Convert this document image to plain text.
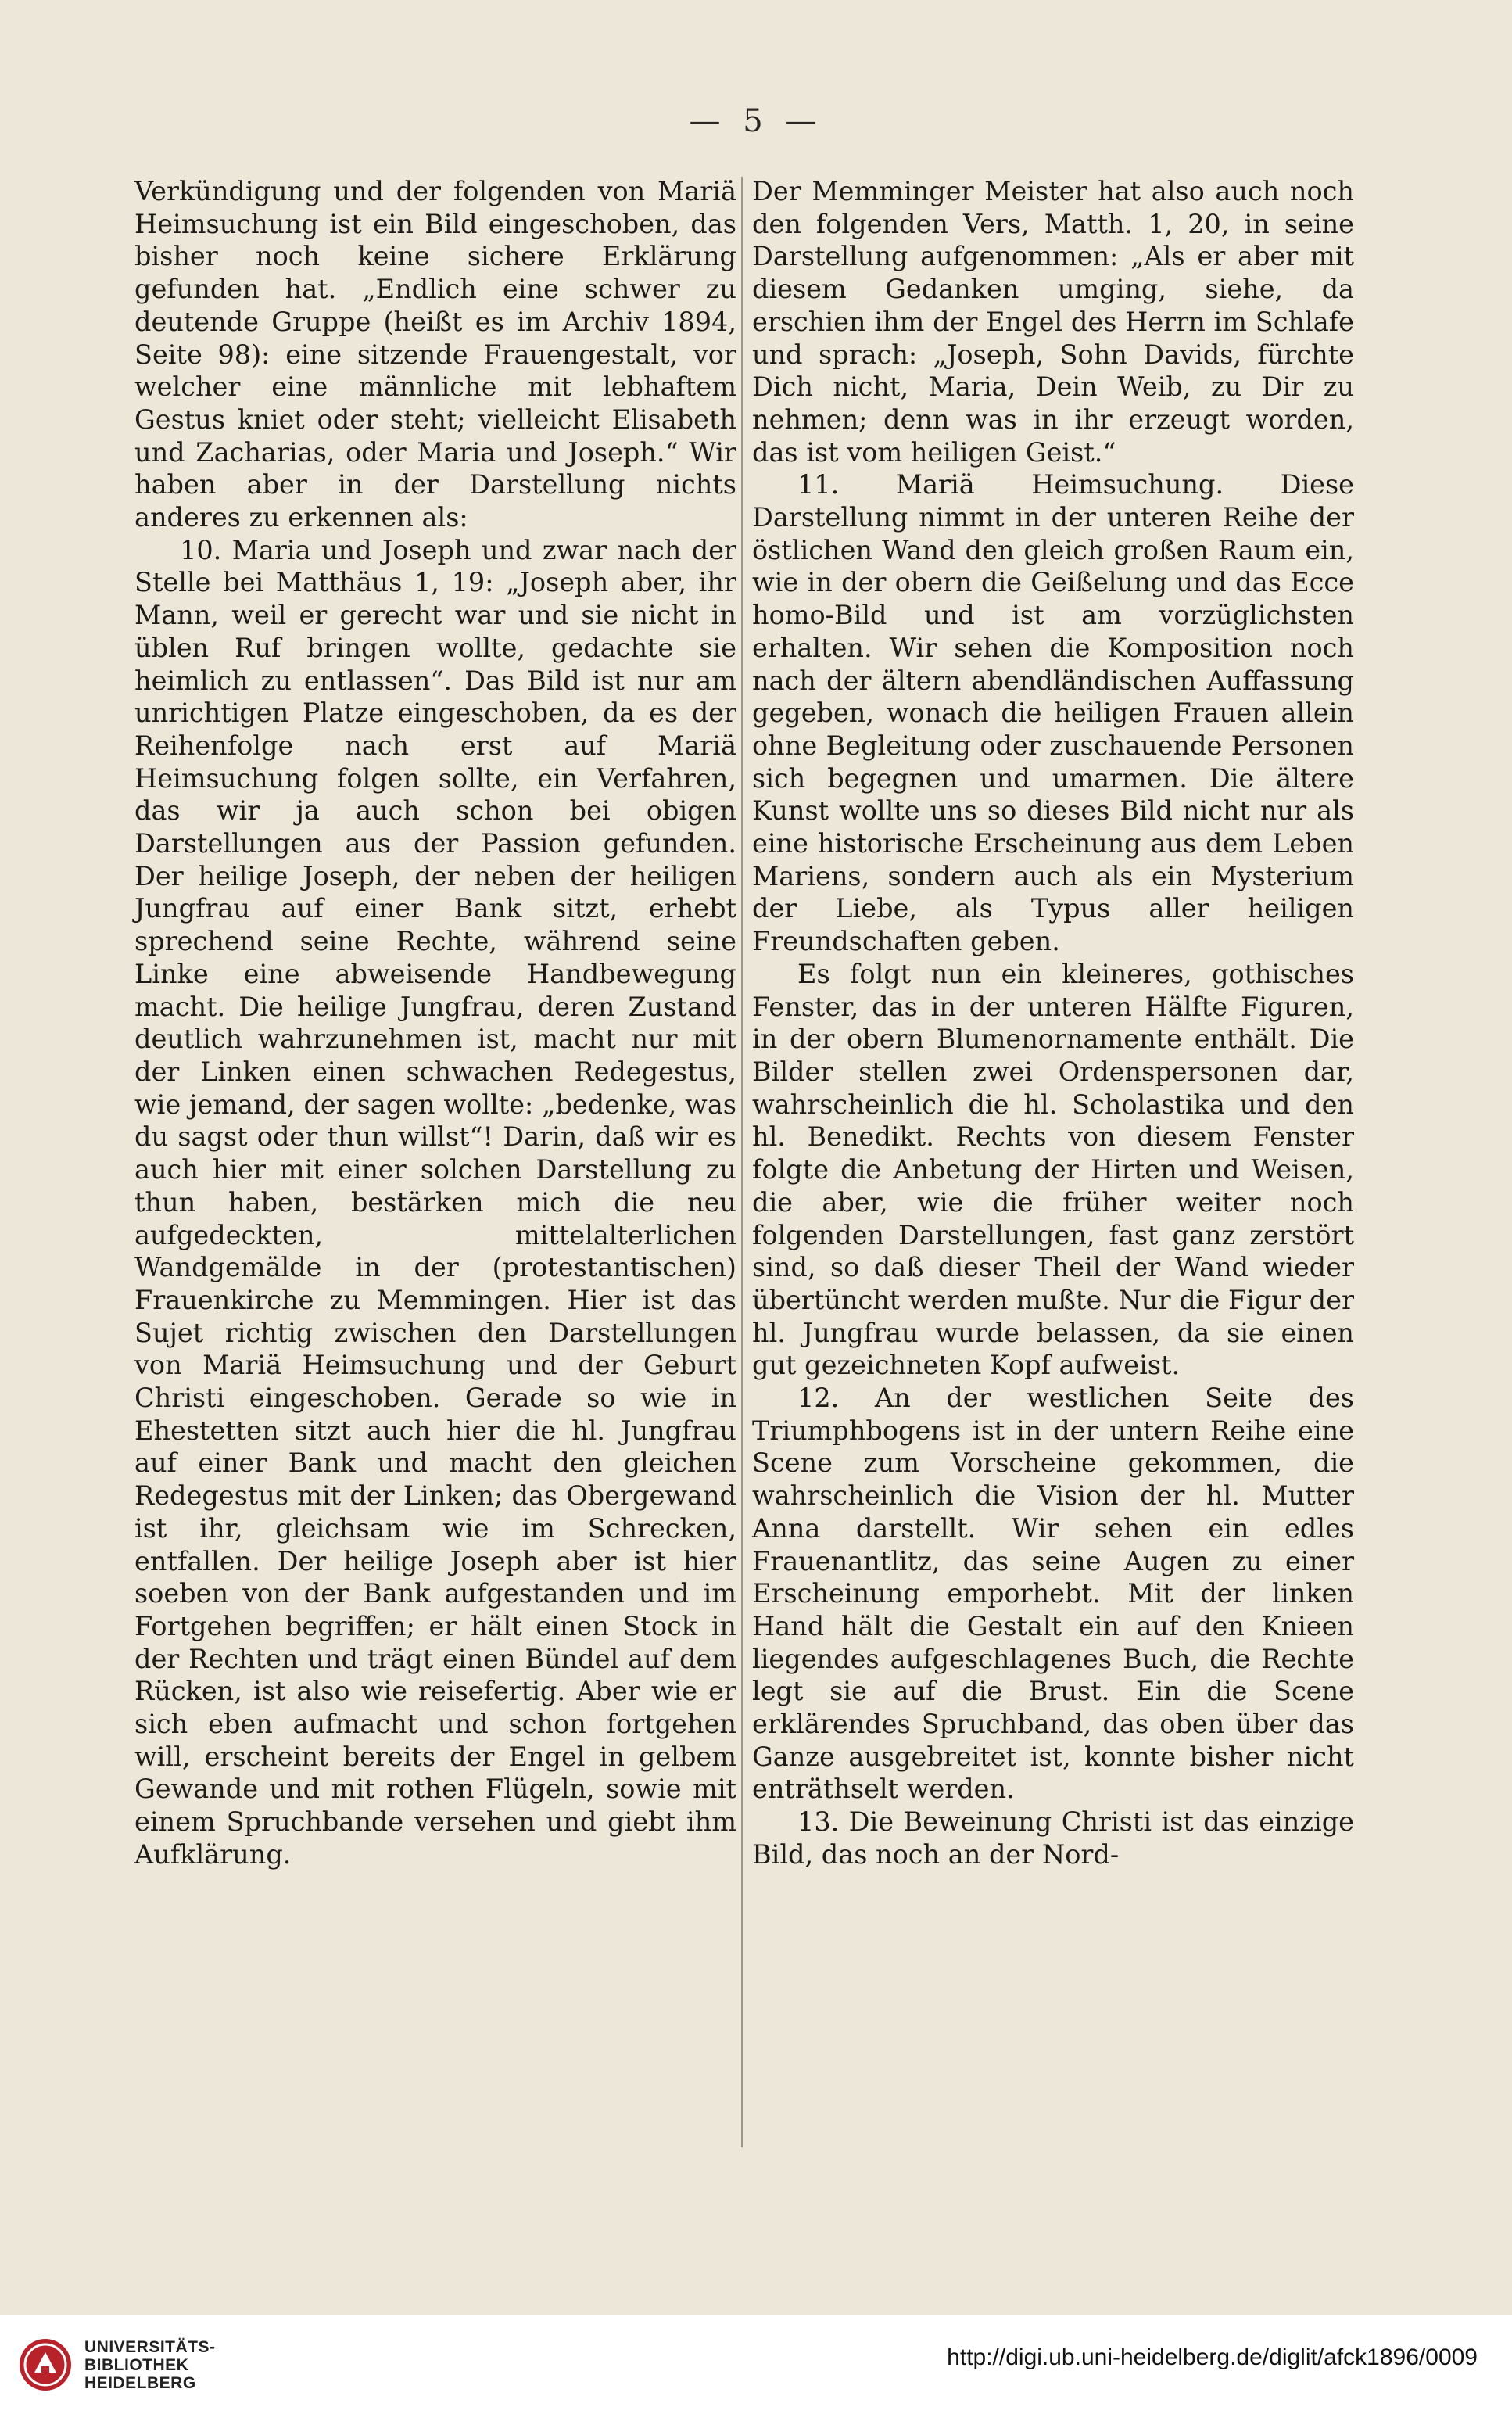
— 5 —

Verkündigung und der folgenden von Mariä Heimsuchung ist ein Bild eingeschoben, das bisher noch keine sichere Erklärung gefunden hat. „Endlich eine schwer zu deutende Gruppe (heißt es im Archiv 1894, Seite 98): eine sitzende Frauengestalt, vor welcher eine männliche mit lebhaftem Gestus kniet oder steht; vielleicht Elisabeth und Zacharias, oder Maria und Joseph.“ Wir haben aber in der Darstellung nichts anderes zu erkennen als:

10. Maria und Joseph und zwar nach der Stelle bei Matthäus 1, 19: „Joseph aber, ihr Mann, weil er gerecht war und sie nicht in üblen Ruf bringen wollte, gedachte sie heimlich zu entlassen“. Das Bild ist nur am unrichtigen Platze eingeschoben, da es der Reihenfolge nach erst auf Mariä Heimsuchung folgen sollte, ein Verfahren, das wir ja auch schon bei obigen Darstellungen aus der Passion gefunden. Der heilige Joseph, der neben der heiligen Jungfrau auf einer Bank sitzt, erhebt sprechend seine Rechte, während seine Linke eine abweisende Handbewegung macht. Die heilige Jungfrau, deren Zustand deutlich wahrzunehmen ist, macht nur mit der Linken einen schwachen Redegestus, wie jemand, der sagen wollte: „bedenke, was du sagst oder thun willst“! Darin, daß wir es auch hier mit einer solchen Darstellung zu thun haben, bestärken mich die neu aufgedeckten, mittelalterlichen Wandgemälde in der (protestantischen) Frauenkirche zu Memmingen. Hier ist das Sujet richtig zwischen den Darstellungen von Mariä Heimsuchung und der Geburt Christi eingeschoben. Gerade so wie in Ehestetten sitzt auch hier die hl. Jungfrau auf einer Bank und macht den gleichen Redegestus mit der Linken; das Obergewand ist ihr, gleichsam wie im Schrecken, entfallen. Der heilige Joseph aber ist hier soeben von der Bank aufgestanden und im Fortgehen begriffen; er hält einen Stock in der Rechten und trägt einen Bündel auf dem Rücken, ist also wie reisefertig. Aber wie er sich eben aufmacht und schon fortgehen will, erscheint bereits der Engel in gelbem Gewande und mit rothen Flügeln, sowie mit einem Spruchbande versehen und giebt ihm Aufklärung.

Der Memminger Meister hat also auch noch den folgenden Vers, Matth. 1, 20, in seine Darstellung aufgenommen: „Als er aber mit diesem Gedanken umging, siehe, da erschien ihm der Engel des Herrn im Schlafe und sprach: „Joseph, Sohn Davids, fürchte Dich nicht, Maria, Dein Weib, zu Dir zu nehmen; denn was in ihr erzeugt worden, das ist vom heiligen Geist.“

11. Mariä Heimsuchung. Diese Darstellung nimmt in der unteren Reihe der östlichen Wand den gleich großen Raum ein, wie in der obern die Geißelung und das Ecce homo-Bild und ist am vorzüglichsten erhalten. Wir sehen die Komposition noch nach der ältern abendländischen Auffassung gegeben, wonach die heiligen Frauen allein ohne Begleitung oder zuschauende Personen sich begegnen und umarmen. Die ältere Kunst wollte uns so dieses Bild nicht nur als eine historische Erscheinung aus dem Leben Mariens, sondern auch als ein Mysterium der Liebe, als Typus aller heiligen Freundschaften geben.

Es folgt nun ein kleineres, gothisches Fenster, das in der unteren Hälfte Figuren, in der obern Blumenornamente enthält. Die Bilder stellen zwei Ordenspersonen dar, wahrscheinlich die hl. Scholastika und den hl. Benedikt. Rechts von diesem Fenster folgte die Anbetung der Hirten und Weisen, die aber, wie die früher weiter noch folgenden Darstellungen, fast ganz zerstört sind, so daß dieser Theil der Wand wieder übertüncht werden mußte. Nur die Figur der hl. Jungfrau wurde belassen, da sie einen gut gezeichneten Kopf aufweist.

12. An der westlichen Seite des Triumphbogens ist in der untern Reihe eine Scene zum Vorscheine gekommen, die wahrscheinlich die Vision der hl. Mutter Anna darstellt. Wir sehen ein edles Frauenantlitz, das seine Augen zu einer Erscheinung emporhebt. Mit der linken Hand hält die Gestalt ein auf den Knieen liegendes aufgeschlagenes Buch, die Rechte legt sie auf die Brust. Ein die Scene erklärendes Spruchband, das oben über das Ganze ausgebreitet ist, konnte bisher nicht enträthselt werden.

13. Die Beweinung Christi ist das einzige Bild, das noch an der Nord-

UNIVERSITÄTS-
BIBLIOTHEK
HEIDELBERG
http://digi.ub.uni-heidelberg.de/diglit/afck1896/0009
